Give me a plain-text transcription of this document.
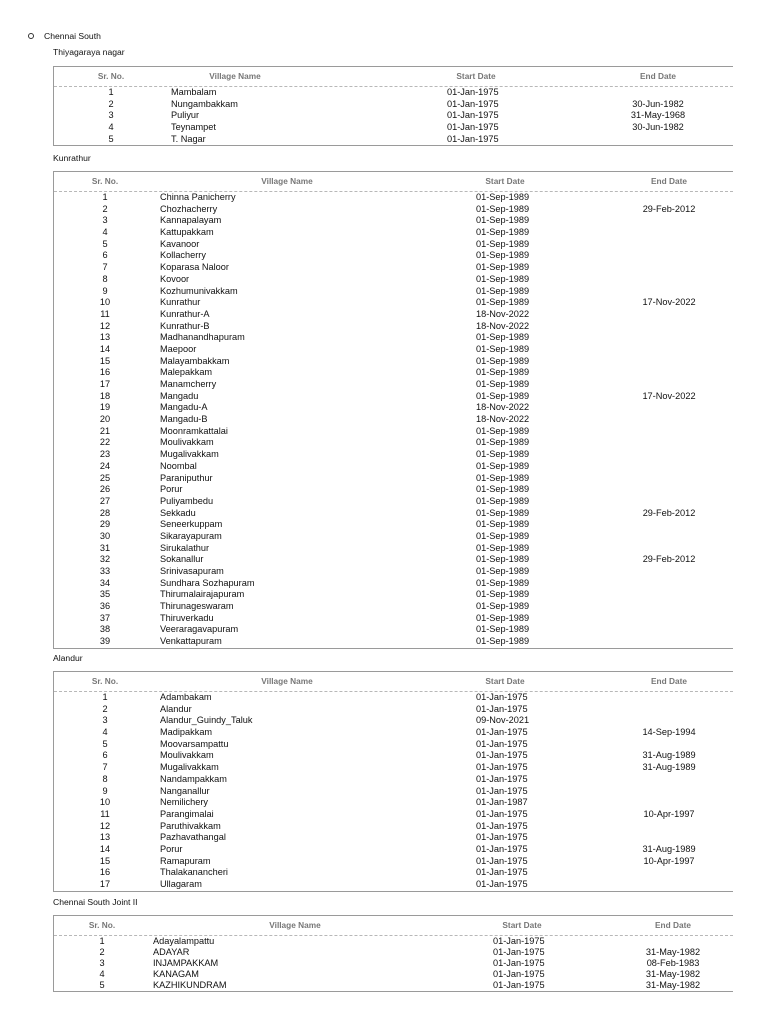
Chennai South
Thiyagaraya nagar
Sr. No.	Village Name	Start Date	End Date
1	Mambalam	01-Jan-1975
2	Nungambakkam	01-Jan-1975	30-Jun-1982
3	Puliyur	01-Jan-1975	31-May-1968
4	Teynampet	01-Jan-1975	30-Jun-1982
5	T. Nagar	01-Jan-1975
Kunrathur
Sr. No.	Village Name	Start Date	End Date
1	Chinna Panicherry	01-Sep-1989
2	Chozhacherry	01-Sep-1989	29-Feb-2012
3	Kannapalayam	01-Sep-1989
4	Kattupakkam	01-Sep-1989
5	Kavanoor	01-Sep-1989
6	Kollacherry	01-Sep-1989
7	Koparasa Naloor	01-Sep-1989
8	Kovoor	01-Sep-1989
9	Kozhumunivakkam	01-Sep-1989
10	Kunrathur	01-Sep-1989	17-Nov-2022
11	Kunrathur-A	18-Nov-2022
12	Kunrathur-B	18-Nov-2022
13	Madhanandhapuram	01-Sep-1989
14	Maepoor	01-Sep-1989
15	Malayambakkam	01-Sep-1989
16	Malepakkam	01-Sep-1989
17	Manamcherry	01-Sep-1989
18	Mangadu	01-Sep-1989	17-Nov-2022
19	Mangadu-A	18-Nov-2022
20	Mangadu-B	18-Nov-2022
21	Moonramkattalai	01-Sep-1989
22	Moulivakkam	01-Sep-1989
23	Mugalivakkam	01-Sep-1989
24	Noombal	01-Sep-1989
25	Paraniputhur	01-Sep-1989
26	Porur	01-Sep-1989
27	Puliyambedu	01-Sep-1989
28	Sekkadu	01-Sep-1989	29-Feb-2012
29	Seneerkuppam	01-Sep-1989
30	Sikarayapuram	01-Sep-1989
31	Sirukalathur	01-Sep-1989
32	Sokanallur	01-Sep-1989	29-Feb-2012
33	Srinivasapuram	01-Sep-1989
34	Sundhara Sozhapuram	01-Sep-1989
35	Thirumalairajapuram	01-Sep-1989
36	Thirunageswaram	01-Sep-1989
37	Thiruverkadu	01-Sep-1989
38	Veeraragavapuram	01-Sep-1989
39	Venkattapuram	01-Sep-1989
Alandur
Sr. No.	Village Name	Start Date	End Date
1	Adambakam	01-Jan-1975
2	Alandur	01-Jan-1975
3	Alandur_Guindy_Taluk	09-Nov-2021
4	Madipakkam	01-Jan-1975	14-Sep-1994
5	Moovarsampattu	01-Jan-1975
6	Moulivakkam	01-Jan-1975	31-Aug-1989
7	Mugalivakkam	01-Jan-1975	31-Aug-1989
8	Nandampakkam	01-Jan-1975
9	Nanganallur	01-Jan-1975
10	Nemilichery	01-Jan-1987
11	Parangimalai	01-Jan-1975	10-Apr-1997
12	Paruthivakkam	01-Jan-1975
13	Pazhavathangal	01-Jan-1975
14	Porur	01-Jan-1975	31-Aug-1989
15	Ramapuram	01-Jan-1975	10-Apr-1997
16	Thalakanancheri	01-Jan-1975
17	Ullagaram	01-Jan-1975
Chennai South Joint II
Sr. No.	Village Name	Start Date	End Date
1	Adayalampattu	01-Jan-1975
2	ADAYAR	01-Jan-1975	31-May-1982
3	INJAMPAKKAM	01-Jan-1975	08-Feb-1983
4	KANAGAM	01-Jan-1975	31-May-1982
5	KAZHIKUNDRAM	01-Jan-1975	31-May-1982
